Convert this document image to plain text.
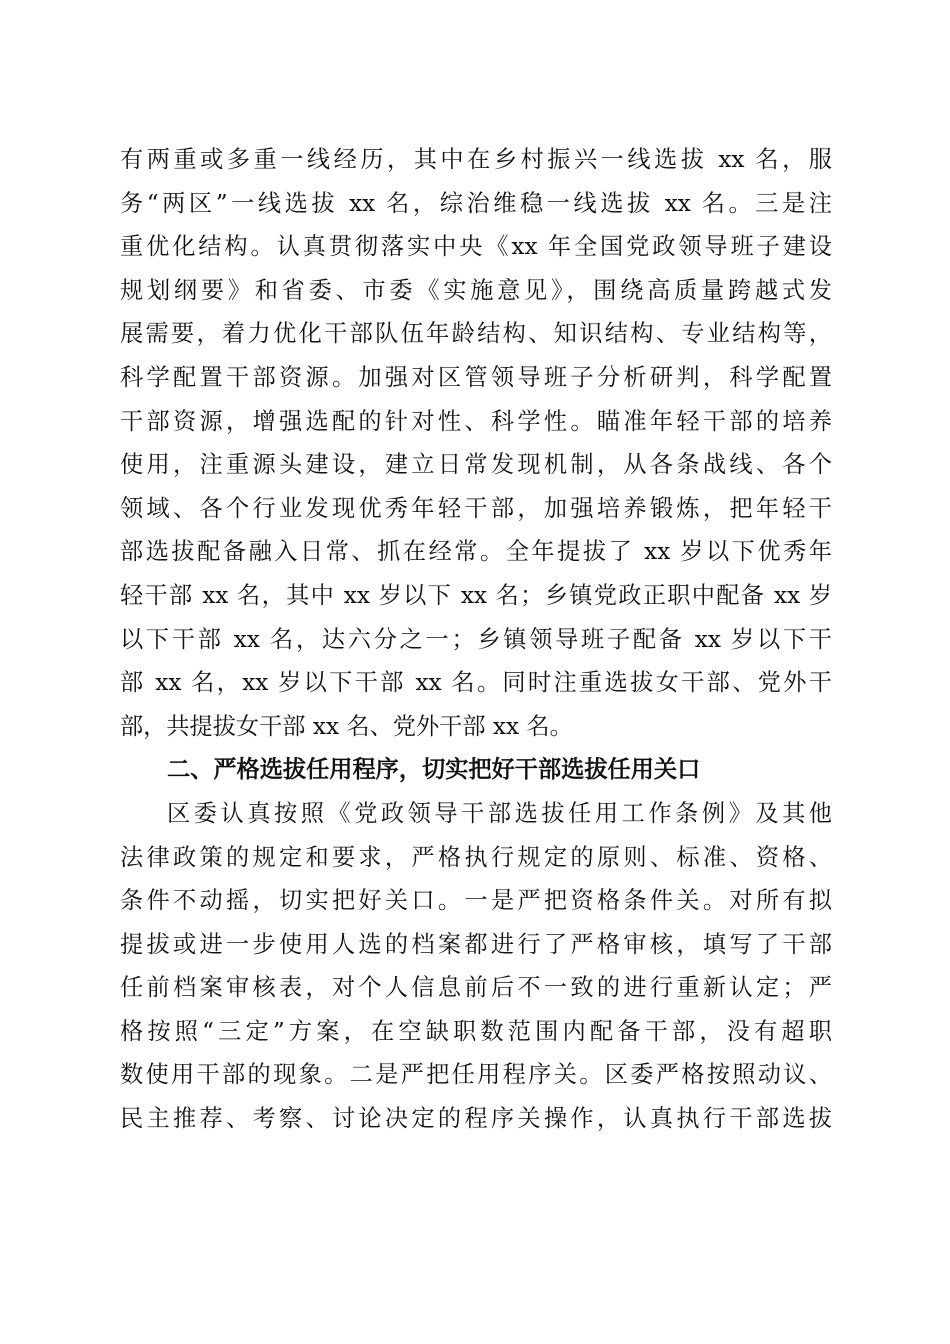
有两重或多重一线经历，其中在乡村振兴一线选拔 xx 名，服
务“两区”一线选拔 xx 名，综治维稳一线选拔 xx 名。三是注
重优化结构。认真贯彻落实中央《xx 年全国党政领导班子建设
规划纲要》和省委、市委《实施意见》，围绕高质量跨越式发
展需要，着力优化干部队伍年龄结构、知识结构、专业结构等，
科学配置干部资源。加强对区管领导班子分析研判，科学配置
干部资源，增强选配的针对性、科学性。瞄准年轻干部的培养
使用，注重源头建设，建立日常发现机制，从各条战线、各个
领域、各个行业发现优秀年轻干部，加强培养锻炼，把年轻干
部选拔配备融入日常、抓在经常。全年提拔了 xx 岁以下优秀年
轻干部 xx 名，其中 xx 岁以下 xx 名；乡镇党政正职中配备 xx 岁
以下干部 xx 名，达六分之一；乡镇领导班子配备 xx 岁以下干
部 xx 名，xx 岁以下干部 xx 名。同时注重选拔女干部、党外干
部，共提拔女干部 xx 名、党外干部 xx 名。
二、严格选拔任用程序，切实把好干部选拔任用关口
区委认真按照《党政领导干部选拔任用工作条例》及其他
法律政策的规定和要求，严格执行规定的原则、标准、资格、
条件不动摇，切实把好关口。一是严把资格条件关。对所有拟
提拔或进一步使用人选的档案都进行了严格审核，填写了干部
任前档案审核表，对个人信息前后不一致的进行重新认定；严
格按照“三定”方案，在空缺职数范围内配备干部，没有超职
数使用干部的现象。二是严把任用程序关。区委严格按照动议、
民主推荐、考察、讨论决定的程序关操作，认真执行干部选拔
